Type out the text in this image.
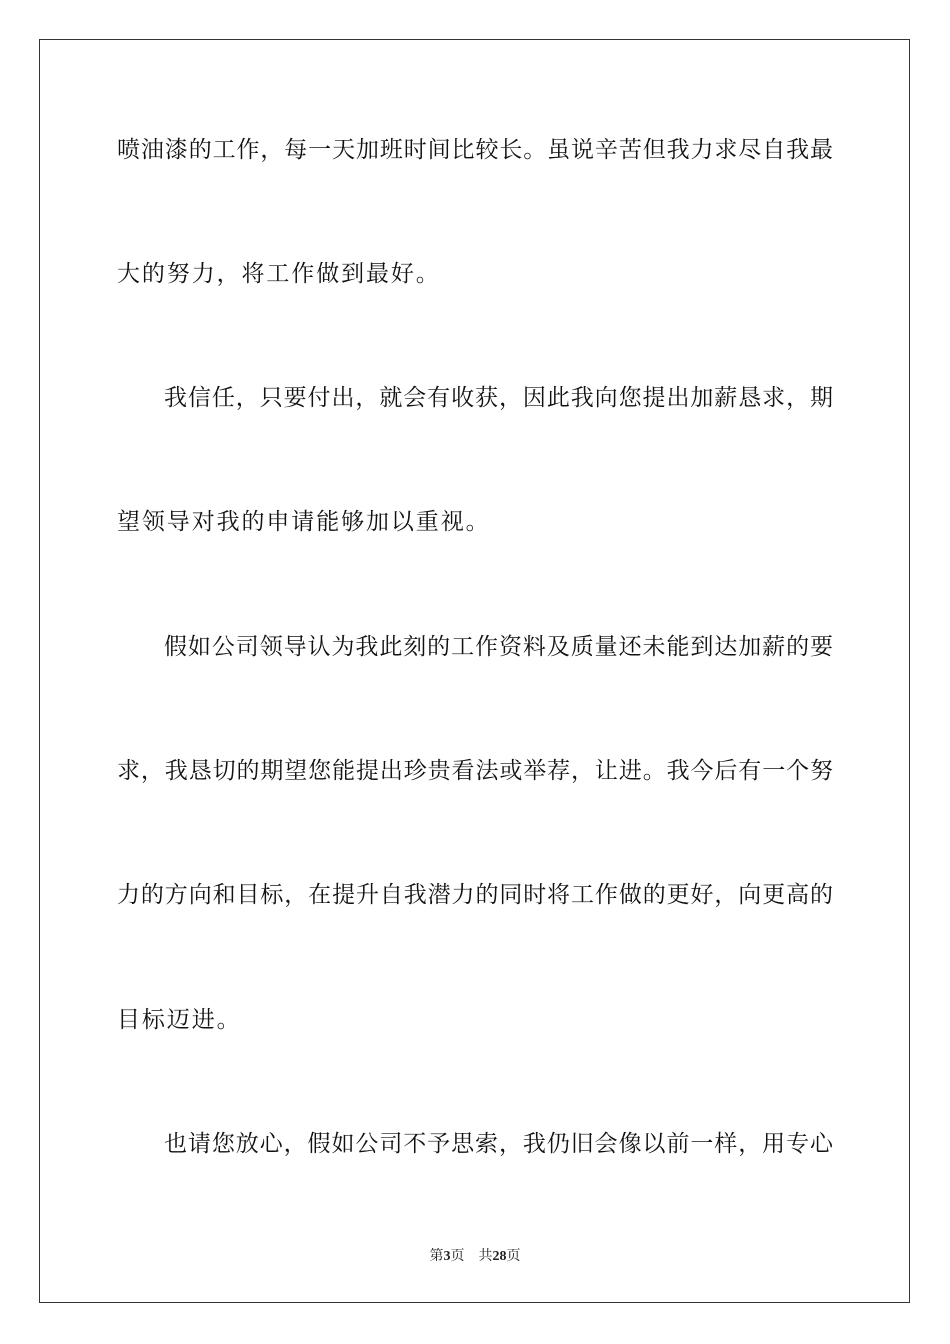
喷油漆的工作，每一天加班时间比较长。虽说辛苦但我力求尽自我最
大的努力，将工作做到最好。
我信任，只要付出，就会有收获，因此我向您提出加薪恳求，期
望领导对我的申请能够加以重视。
假如公司领导认为我此刻的工作资料及质量还未能到达加薪的要
求，我恳切的期望您能提出珍贵看法或举荐，让进。我今后有一个努
力的方向和目标，在提升自我潜力的同时将工作做的更好，向更高的
目标迈进。
也请您放心，假如公司不予思索，我仍旧会像以前一样，用专心
第3页 共28页
